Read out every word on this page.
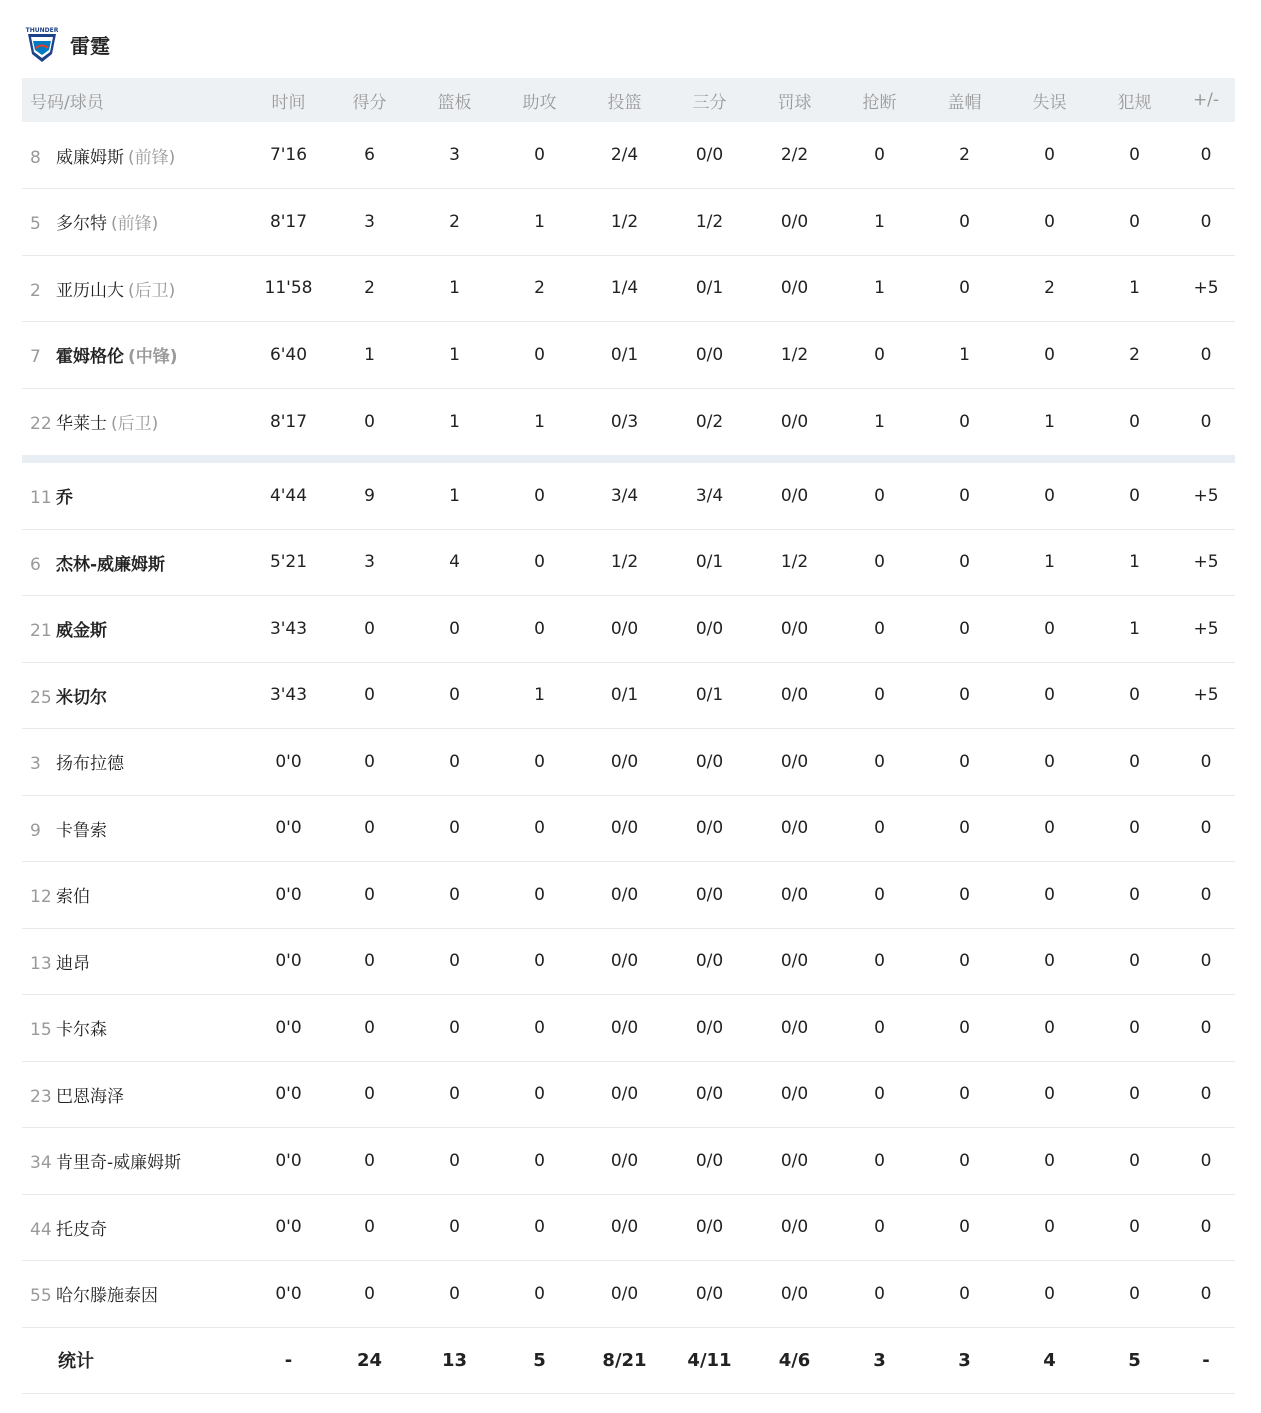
THUNDER
雷霆
号码/球员	时间	得分	篮板	助攻	投篮	三分	罚球	抢断	盖帽	失误	犯规	+/-
8 威廉姆斯 (前锋)	7'16	6	3	0	2/4	0/0	2/2	0	2	0	0	0
5 多尔特 (前锋)	8'17	3	2	1	1/2	1/2	0/0	1	0	0	0	0
2 亚历山大 (后卫)	11'58	2	1	2	1/4	0/1	0/0	1	0	2	1	+5
7 霍姆格伦 (中锋)	6'40	1	1	0	0/1	0/0	1/2	0	1	0	2	0
22 华莱士 (后卫)	8'17	0	1	1	0/3	0/2	0/0	1	0	1	0	0

11 乔	4'44	9	1	0	3/4	3/4	0/0	0	0	0	0	+5
6 杰林-威廉姆斯	5'21	3	4	0	1/2	0/1	1/2	0	0	1	1	+5
21 威金斯	3'43	0	0	0	0/0	0/0	0/0	0	0	0	1	+5
25 米切尔	3'43	0	0	1	0/1	0/1	0/0	0	0	0	0	+5
3 扬布拉德	0'0	0	0	0	0/0	0/0	0/0	0	0	0	0	0
9 卡鲁索	0'0	0	0	0	0/0	0/0	0/0	0	0	0	0	0
12 索伯	0'0	0	0	0	0/0	0/0	0/0	0	0	0	0	0
13 迪昂	0'0	0	0	0	0/0	0/0	0/0	0	0	0	0	0
15 卡尔森	0'0	0	0	0	0/0	0/0	0/0	0	0	0	0	0
23 巴恩海泽	0'0	0	0	0	0/0	0/0	0/0	0	0	0	0	0
34 肯里奇-威廉姆斯	0'0	0	0	0	0/0	0/0	0/0	0	0	0	0	0
44 托皮奇	0'0	0	0	0	0/0	0/0	0/0	0	0	0	0	0
55 哈尔滕施泰因	0'0	0	0	0	0/0	0/0	0/0	0	0	0	0	0
统计	-	24	13	5	8/21	4/11	4/6	3	3	4	5	-
